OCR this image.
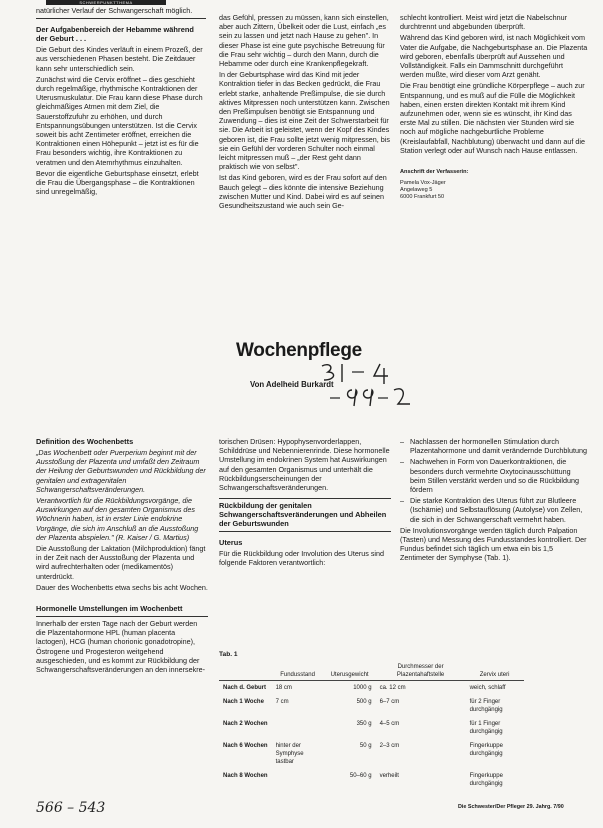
SCHWERPUNKTTHEMA

natürlicher Verlauf der Schwangerschaft möglich.

Der Aufgabenbereich der Hebamme während der Geburt . . .

Die Geburt des Kindes verläuft in einem Prozeß, der aus verschiedenen Phasen besteht. Die Zeitdauer kann sehr unterschiedlich sein.

Zunächst wird die Cervix eröffnet – dies geschieht durch regelmäßige, rhythmische Kontraktionen der Uterusmuskulatur. Die Frau kann diese Phase durch gleichmäßiges Atmen mit dem Ziel, die Sauerstoffzufuhr zu erhöhen, und durch Entspannungsübungen unterstützen. Ist die Cervix soweit bis acht Zentimeter eröffnet, erreichen die Kontraktionen einen Höhepunkt – jetzt ist es für die Frau besonders wichtig, ihre Kontraktionen zu veratmen und den Atemrhythmus einzuhalten.

Bevor die eigentliche Geburtsphase einsetzt, erlebt die Frau die Übergangsphase – die Kontraktionen sind unregelmäßig,

das Gefühl, pressen zu müssen, kann sich einstellen, aber auch Zittern, Übelkeit oder die Lust, einfach „es sein zu lassen und jetzt nach Hause zu gehen". In dieser Phase ist eine gute psychische Betreuung für die Frau sehr wichtig – durch den Mann, durch die Hebamme oder durch eine Krankenpflegekraft.

In der Geburtsphase wird das Kind mit jeder Kontraktion tiefer in das Becken gedrückt, die Frau erlebt starke, anhaltende Preßimpulse, die sie durch aktives Mitpressen noch unterstützen kann. Zwischen den Preßimpulsen benötigt sie Entspannung und Zuwendung – dies ist eine Zeit der Schwerstarbeit für sie. Die Arbeit ist geleistet, wenn der Kopf des Kindes geboren ist, die Frau sollte jetzt wenig mitpressen, bis sie ein Gefühl der vorderen Schulter noch einmal leicht mitpressen muß – „der Rest geht dann praktisch wie von selbst".

Ist das Kind geboren, wird es der Frau sofort auf den Bauch gelegt – dies könnte die intensive Beziehung zwischen Mutter und Kind. Dabei wird es auf seinen Gesundheitszustand wie auch sein Ge-

schlecht kontrolliert. Meist wird jetzt die Nabelschnur durchtrennt und abgebunden überprüft.

Während das Kind geboren wird, ist nach Möglichkeit vom Vater die Aufgabe, die Nachgeburtsphase an. Die Plazenta wird geboren, ebenfalls überprüft auf Aussehen und Vollständigkeit. Falls ein Dammschnitt durchgeführt werden mußte, wird dieser vom Arzt genäht.

Die Frau benötigt eine gründliche Körperpflege – auch zur Entspannung, und es muß auf die Fülle die Möglichkeit haben, einen ersten direkten Kontakt mit ihrem Kind aufzunehmen oder, wenn sie es wünscht, ihr Kind das erste Mal zu stillen. Die nächsten vier Stunden wird sie noch auf mögliche nachgeburtliche Probleme (Kreislaufabfall, Nachblutung) überwacht und dann auf die Station verlegt oder auf Wunsch nach Hause entlassen.

Anschrift der Verfasserin:
Pamela Vox-Jäger
Angelaweg 5
6000 Frankfurt 50
Wochenpflege
Von Adelheid Burkardt
Definition des Wochenbetts

„Das Wochenbett oder Puerperium beginnt mit der Ausstoßung der Plazenta und umfaßt den Zeitraum der Heilung der Geburtswunden und Rückbildung der genitalen und extragenitalen Schwangerschaftsveränderungen.

Verantwortlich für die Rückbildungsvorgänge, die Auswirkungen auf den gesamten Organismus des Wöchnerin haben, ist in erster Linie endokrine Vorgänge, die sich im Anschluß an die Ausstoßung der Plazenta abspielen." (R. Kaiser / G. Martius)

Die Ausstoßung der Laktation (Milchproduktion) fängt in der Zeit nach der Ausstoßung der Plazenta und wird aufrechterhalten oder (medikamentös) unterdrückt.

Dauer des Wochenbetts etwa sechs bis acht Wochen.

Hormonelle Umstellungen im Wochenbett

Innerhalb der ersten Tage nach der Geburt werden die Plazentahormone HPL (human placenta lactogen), HCG (human chorionic gonadotropine), Östrogene und Progesteron weitgehend ausgeschieden, und es kommt zur Rückbildung der Schwangerschaftsveränderungen an den innersekre-

torischen Drüsen: Hypophysenvorderlappen, Schilddrüse und Nebennierenrinde. Diese hormonelle Umstellung im endokrinen System hat Auswirkungen auf den gesamten Organismus und unterhält die Rückbildungserscheinungen der Schwangerschaftsveränderungen.

Rückbildung der genitalen Schwangerschaftsveränderungen und Abheilen der Geburtswunden
Uterus

Für die Rückbildung oder Involution des Uterus sind folgende Faktoren verantwortlich:

– Nachlassen der hormonellen Stimulation durch Plazentahormone und damit verändernde Durchblutung
– Nachwehen in Form von Dauerkontraktionen, die besonders durch vermehrte Oxytocinausschüttung beim Stillen verstärkt werden und so die Rückbildung fördern
– Die starke Kontraktion des Uterus führt zur Blutleere (Ischämie) und Selbstauflösung (Autolyse) von Zellen, die sich in der Schwangerschaft vermehrt haben.

Die Involutionsvorgänge werden täglich durch Palpation (Tasten) und Messung des Fundusstandes kontrolliert. Der Fundus befindet sich täglich um etwa ein bis 1,5 Zentimeter der Symphyse (Tab. 1).

Tab. 1
	Fundusstand	Uterusgewicht	Durchmesser der Plazentahaftstelle	Zervix uteri
Nach d. Geburt	18 cm	1000 g	ca. 12 cm	weich, schlaff
Nach 1 Woche	7 cm	500 g	6–7 cm	für 2 Finger durchgängig
Nach 2 Wochen		350 g	4–5 cm	für 1 Finger durchgängig
Nach 6 Wochen	hinter der Symphyse tastbar	50 g	2–3 cm	Fingerkuppe durchgängig
Nach 8 Wochen		50–60 g	verheilt	Fingerkuppe durchgängig
566 – 543	Die Schwester/Der Pfleger 29. Jahrg. 7/90
